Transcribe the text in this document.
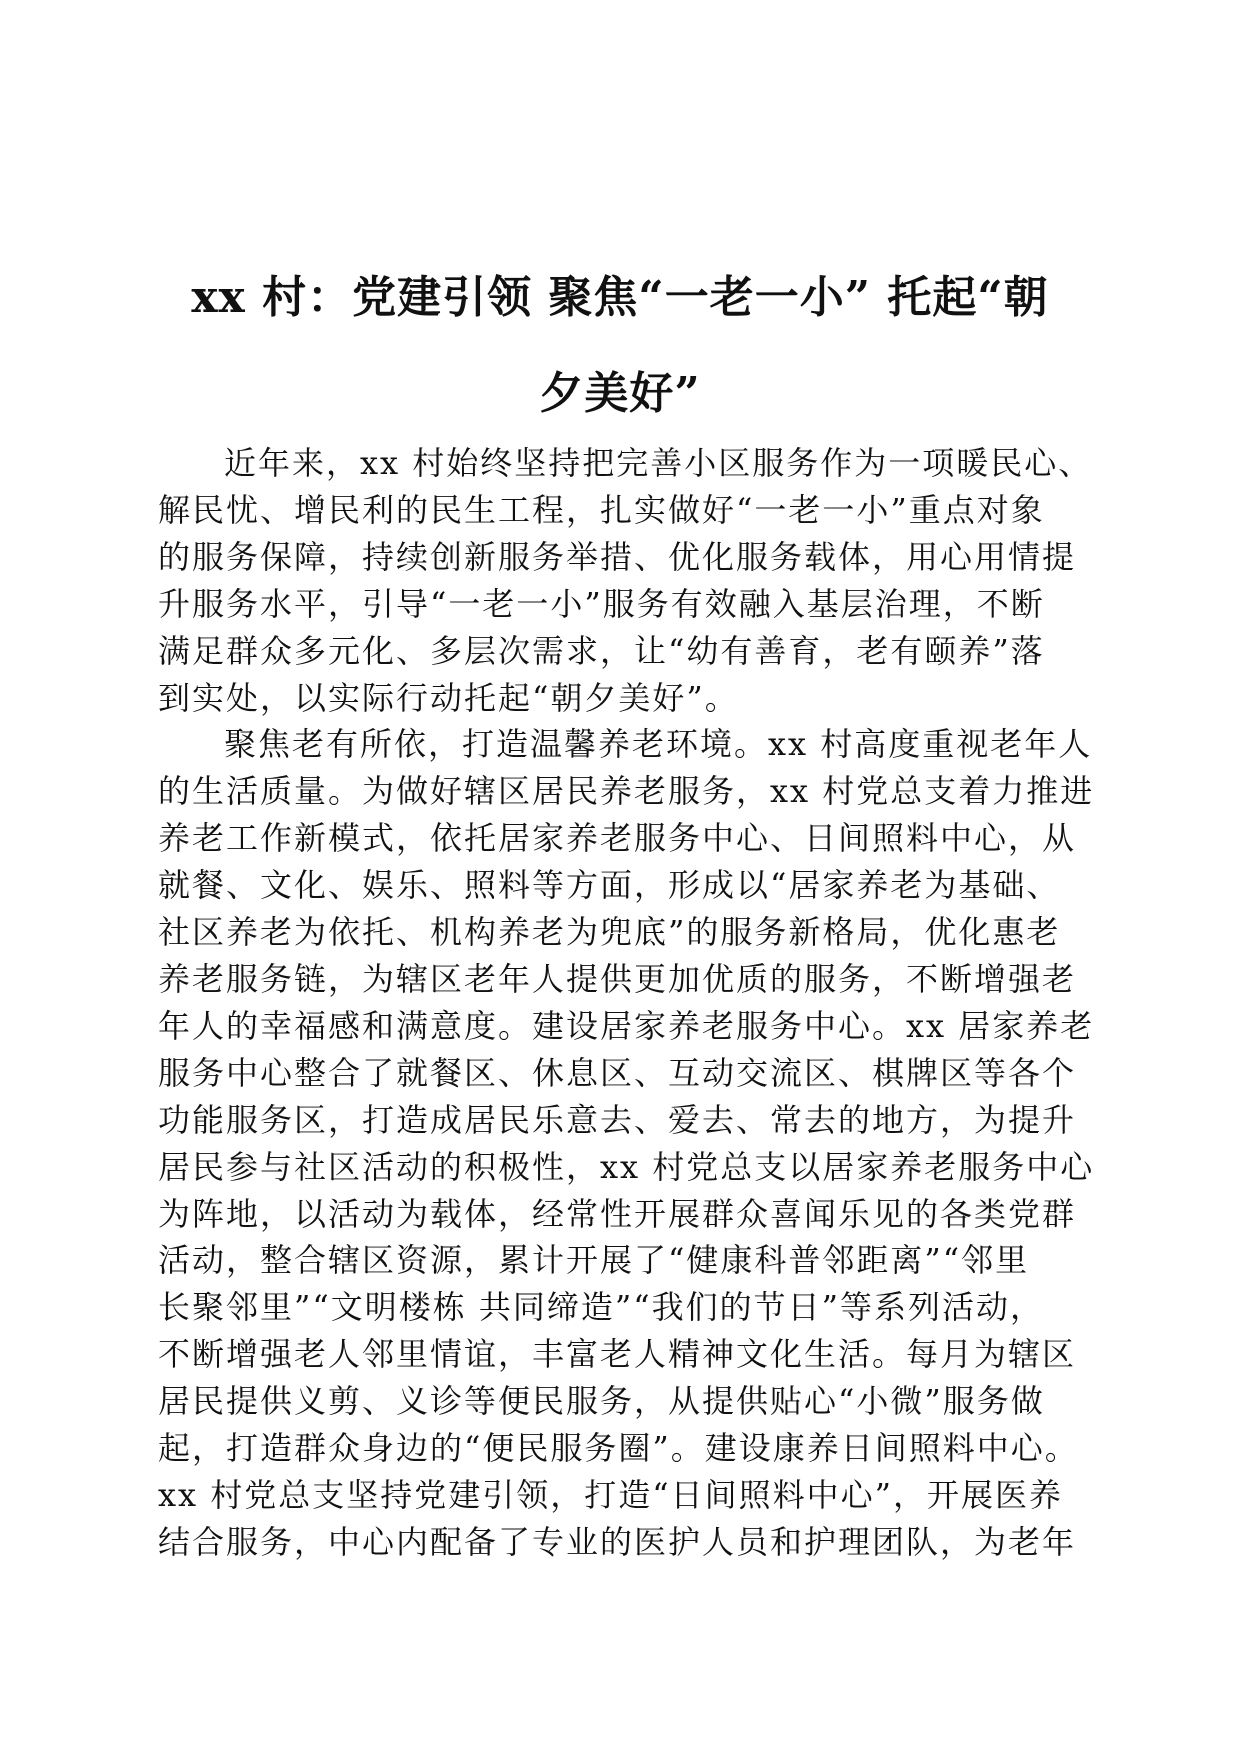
xx 村：党建引领 聚焦“一老一小” 托起“朝
夕美好”

近年来，xx 村始终坚持把完善小区服务作为一项暖民心、
解民忧、增民利的民生工程，扎实做好“一老一小”重点对象
的服务保障，持续创新服务举措、优化服务载体，用心用情提
升服务水平，引导“一老一小”服务有效融入基层治理，不断
满足群众多元化、多层次需求，让“幼有善育，老有颐养”落
到实处，以实际行动托起“朝夕美好”。

聚焦老有所依，打造温馨养老环境。xx 村高度重视老年人
的生活质量。为做好辖区居民养老服务，xx 村党总支着力推进
养老工作新模式，依托居家养老服务中心、日间照料中心，从
就餐、文化、娱乐、照料等方面，形成以“居家养老为基础、
社区养老为依托、机构养老为兜底”的服务新格局，优化惠老
养老服务链，为辖区老年人提供更加优质的服务，不断增强老
年人的幸福感和满意度。建设居家养老服务中心。xx 居家养老
服务中心整合了就餐区、休息区、互动交流区、棋牌区等各个
功能服务区，打造成居民乐意去、爱去、常去的地方，为提升
居民参与社区活动的积极性，xx 村党总支以居家养老服务中心
为阵地，以活动为载体，经常性开展群众喜闻乐见的各类党群
活动，整合辖区资源，累计开展了“健康科普邻距离”“邻里
长聚邻里”“文明楼栋 共同缔造”“我们的节日”等系列活动，
不断增强老人邻里情谊，丰富老人精神文化生活。每月为辖区
居民提供义剪、义诊等便民服务，从提供贴心“小微”服务做
起，打造群众身边的“便民服务圈”。建设康养日间照料中心。
xx 村党总支坚持党建引领，打造“日间照料中心”，开展医养
结合服务，中心内配备了专业的医护人员和护理团队，为老年
